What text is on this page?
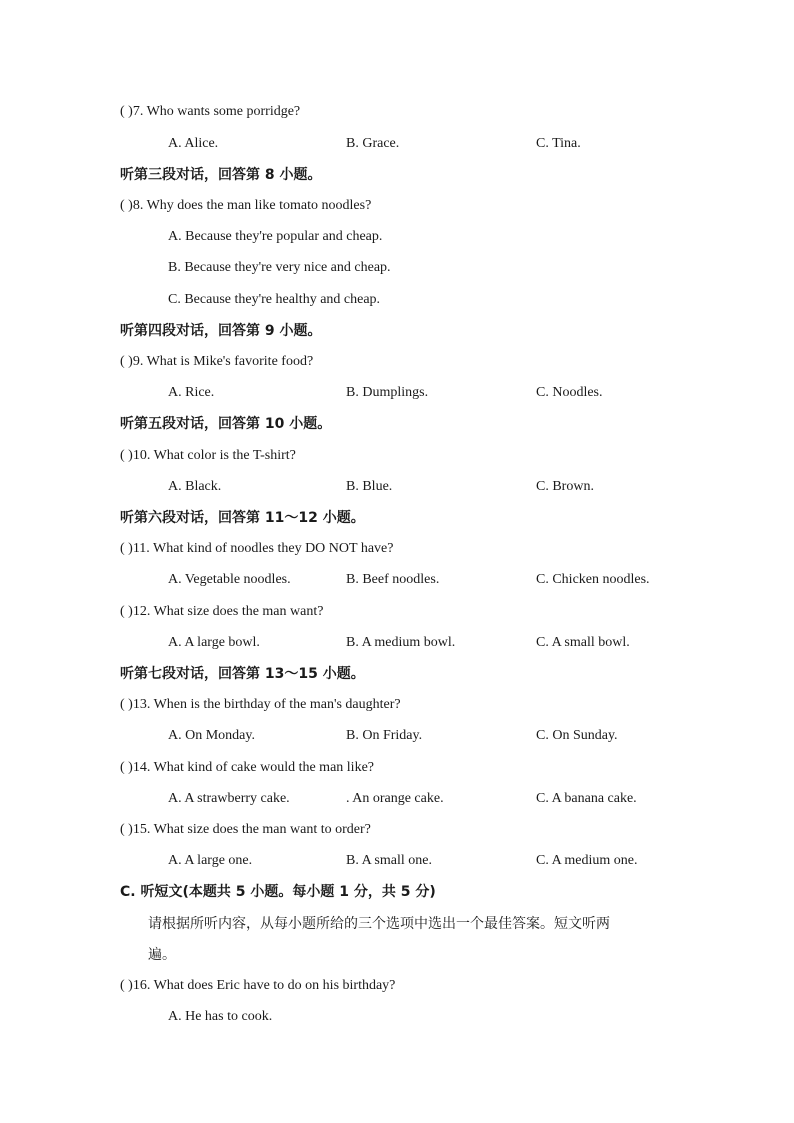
( )7. Who wants some porridge?
A. Alice.	B. Grace.	C. Tina.
听第三段对话，回答第 8 小题。
( )8. Why does the man like tomato noodles?
A. Because they're popular and cheap.
B. Because they're very nice and cheap.
C. Because they're healthy and cheap.
听第四段对话，回答第 9 小题。
( )9. What is Mike's favorite food?
A. Rice.	B. Dumplings.	C. Noodles.
听第五段对话，回答第 10 小题。
( )10. What color is the T-shirt?
A. Black.	B. Blue.	C. Brown.
听第六段对话，回答第 11～12 小题。
( )11. What kind of noodles they DO NOT have?
A. Vegetable noodles.	B. Beef noodles.	C. Chicken noodles.
( )12. What size does the man want?
A. A large bowl.	B. A medium bowl.	C. A small bowl.
听第七段对话，回答第 13～15 小题。
( )13. When is the birthday of the man's daughter?
A. On Monday.	B. On Friday.	C. On Sunday.
( )14. What kind of cake would the man like?
A. A strawberry cake.	. An orange cake.	C. A banana cake.
( )15. What size does the man want to order?
A. A large one.	B. A small one.	C. A medium one.
C. 听短文(本题共 5 小题。每小题 1 分，共 5 分)
请根据所听内容，从每小题所给的三个选项中选出一个最佳答案。短文听两
遍。
( )16. What does Eric have to do on his birthday?
A. He has to cook.
